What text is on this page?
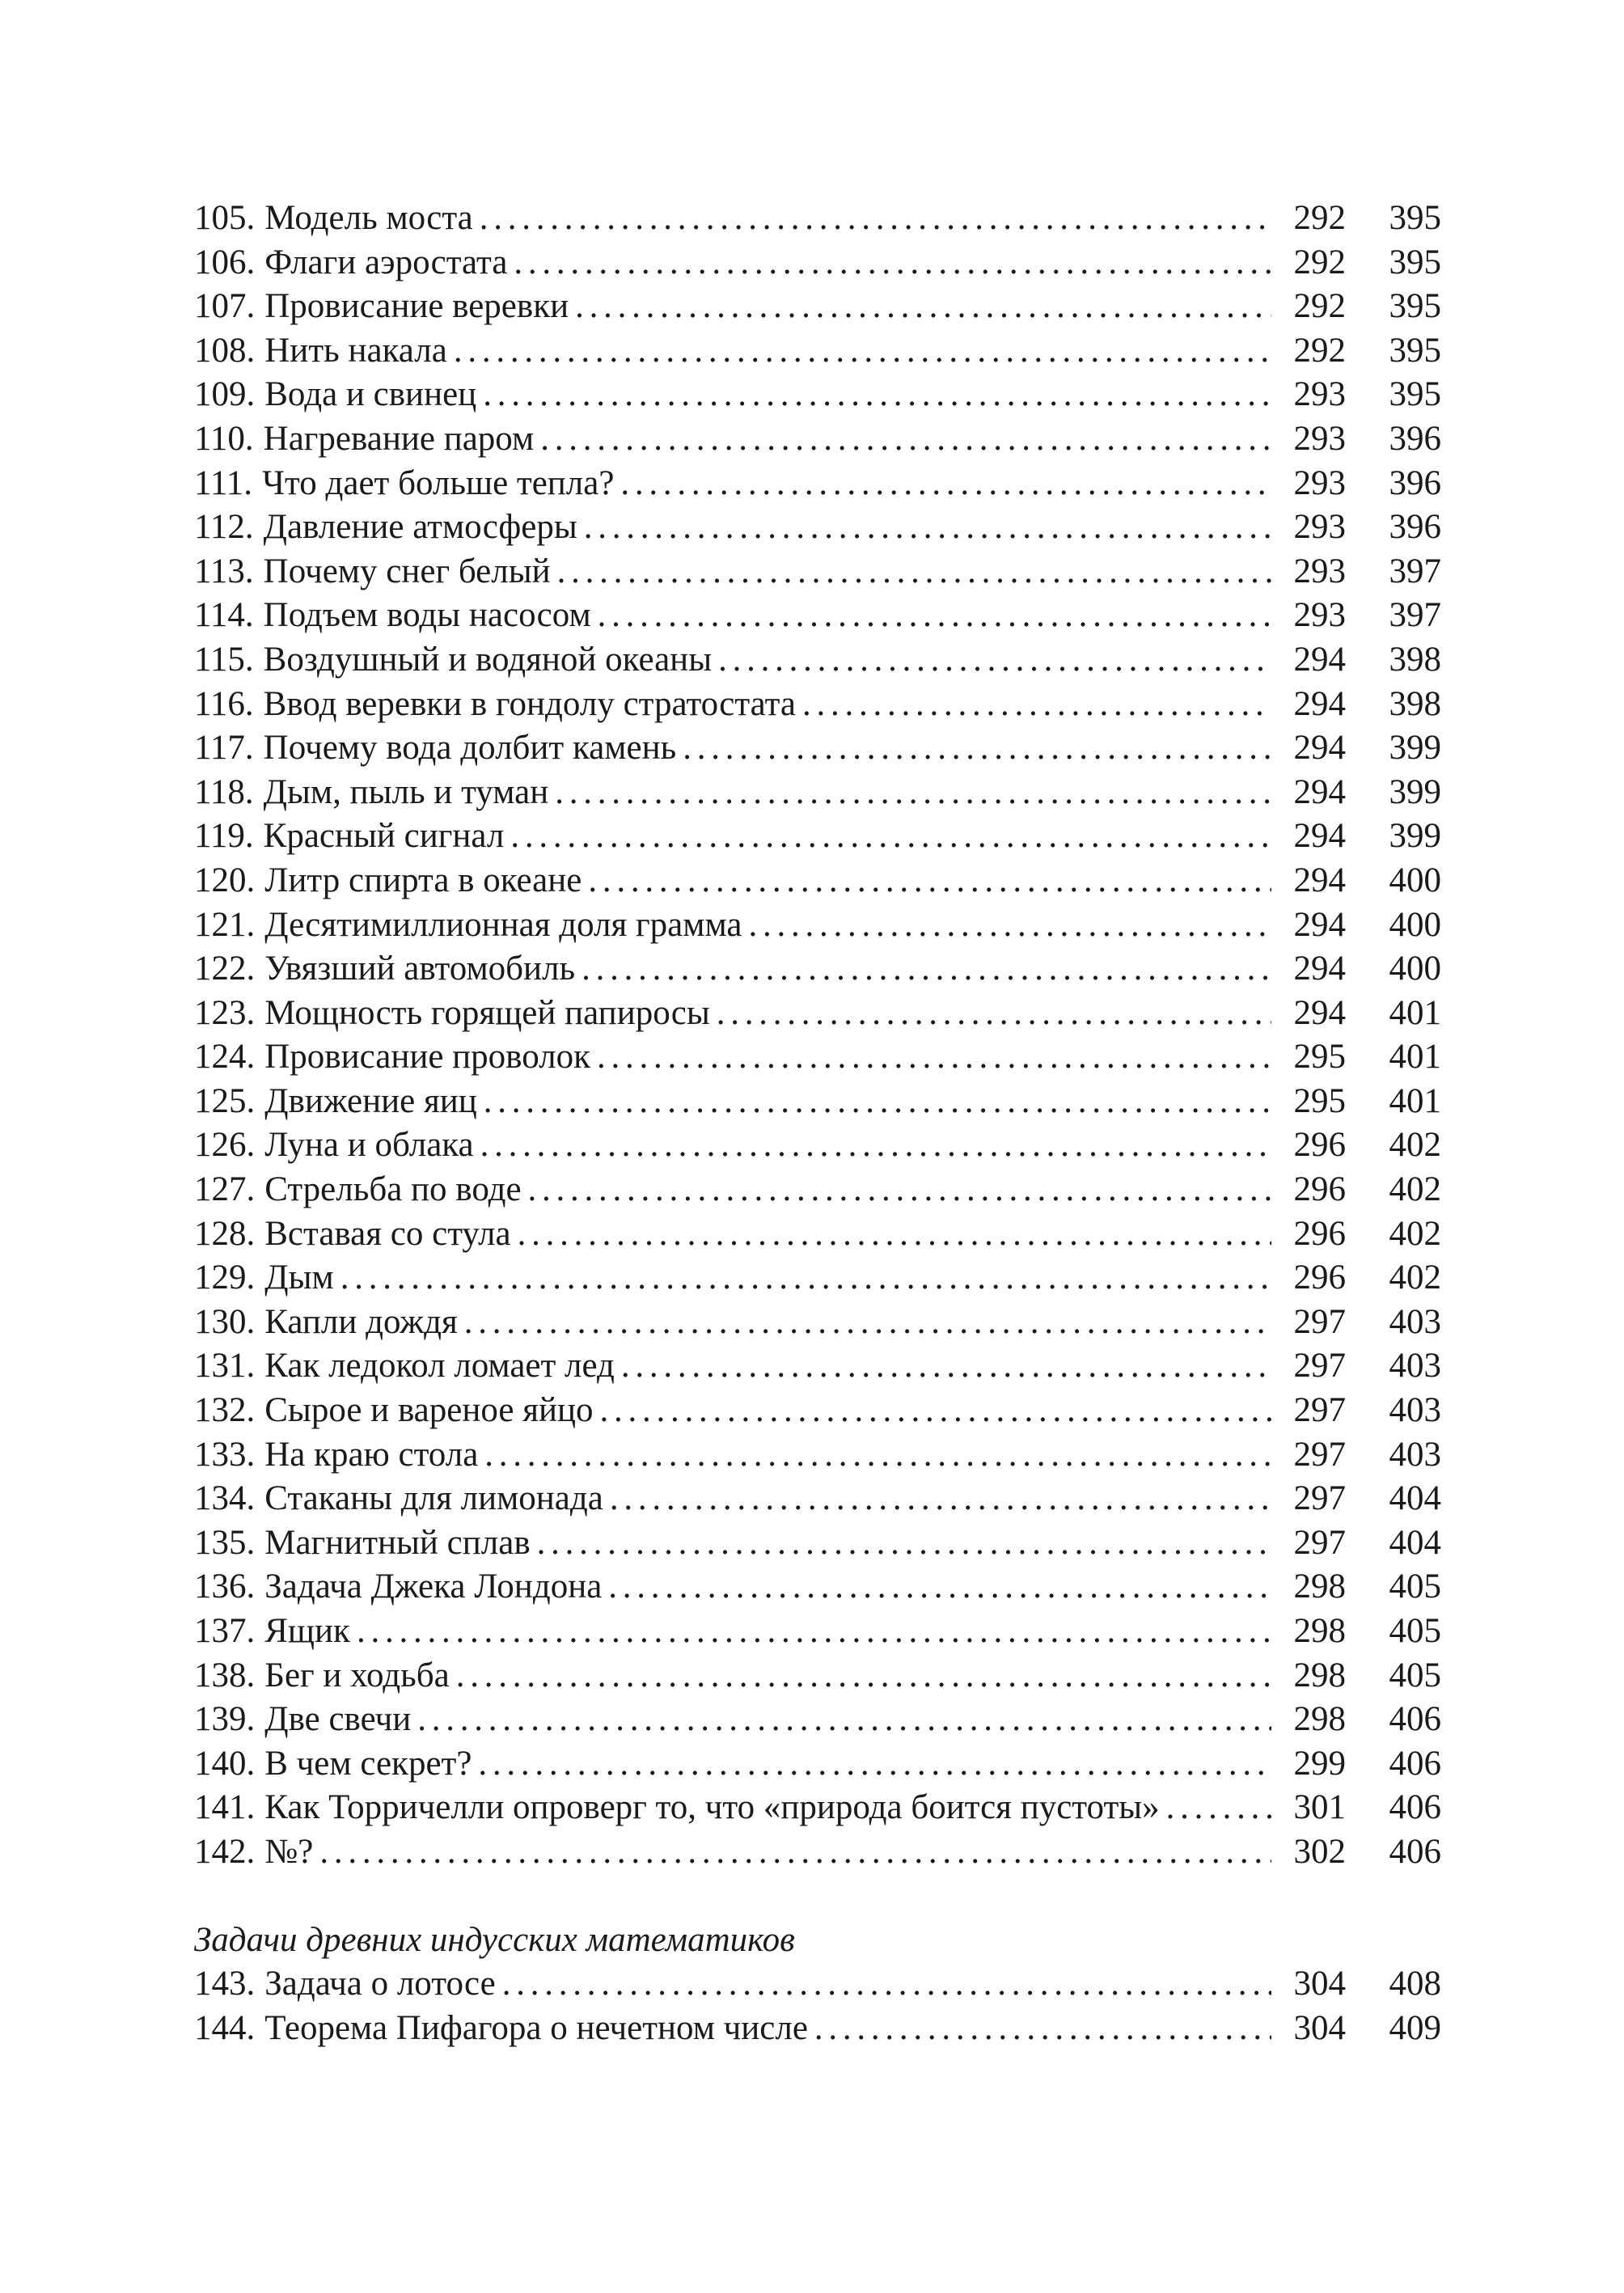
105. Модель моста . . .	292	395
106. Флаги аэростата . . .	292	395
107. Провисание веревки . . .	292	395
108. Нить накала . . .	292	395
109. Вода и свинец . . .	293	395
110. Нагревание паром . . .	293	396
111. Что дает больше тепла? . . .	293	396
112. Давление атмосферы . . .	293	396
113. Почему снег белый . . .	293	397
114. Подъем воды насосом . . .	293	397
115. Воздушный и водяной океаны . . .	294	398
116. Ввод веревки в гондолу стратостата . . .	294	398
117. Почему вода долбит камень . . .	294	399
118. Дым, пыль и туман . . .	294	399
119. Красный сигнал . . .	294	399
120. Литр спирта в океане . . .	294	400
121. Десятимиллионная доля грамма . . .	294	400
122. Увязший автомобиль . . .	294	400
123. Мощность горящей папиросы . . .	294	401
124. Провисание проволок . . .	295	401
125. Движение яиц . . .	295	401
126. Луна и облака . . .	296	402
127. Стрельба по воде . . .	296	402
128. Вставая со стула . . .	296	402
129. Дым . . .	296	402
130. Капли дождя . . .	297	403
131. Как ледокол ломает лед . . .	297	403
132. Сырое и вареное яйцо . . .	297	403
133. На краю стола . . .	297	403
134. Стаканы для лимонада . . .	297	404
135. Магнитный сплав . . .	297	404
136. Задача Джека Лондона . . .	298	405
137. Ящик . . .	298	405
138. Бег и ходьба . . .	298	405
139. Две свечи . . .	298	406
140. В чем секрет? . . .	299	406
141. Как Торричелли опроверг то, что «природа боится пустоты» . . .	301	406
142. №? . . .	302	406
Задачи древних индусских математиков
143. Задача о лотосе . . .	304	408
144. Теорема Пифагора о нечетном числе . . .	304	409
